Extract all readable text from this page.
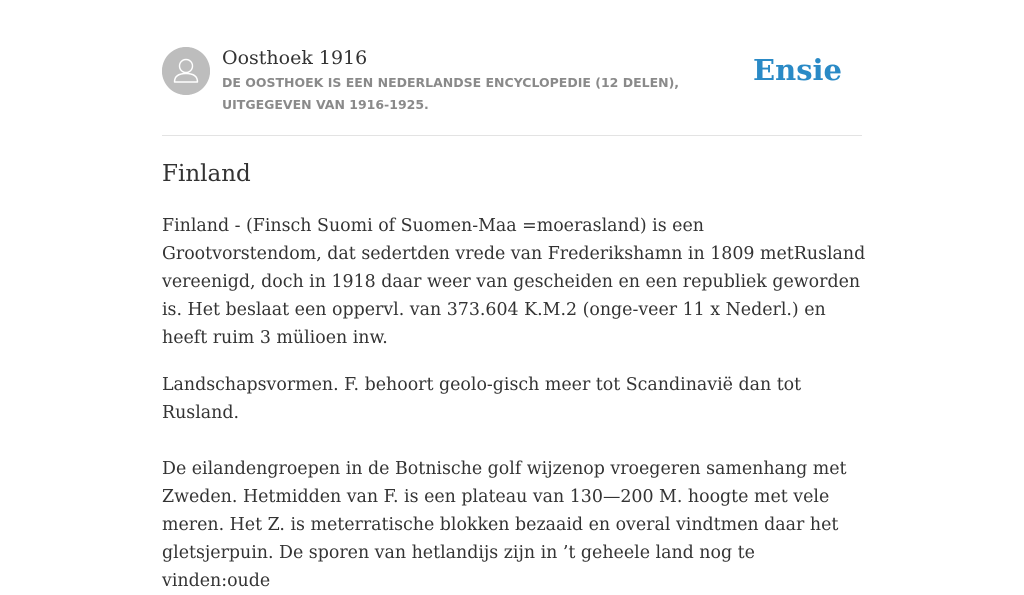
Oosthoek 1916
DE OOSTHOEK IS EEN NEDERLANDSE ENCYCLOPEDIE (12 DELEN), UITGEGEVEN VAN 1916-1925.
Ensie
Finland

Finland - (Finsch Suomi of Suomen-Maa =moerasland) is een Grootvorstendom, dat sedertden vrede van Frederikshamn in 1809 metRusland vereenigd, doch in 1918 daar weer van gescheiden en een republiek geworden is. Het beslaat een oppervl. van 373.604 K.M.2 (onge-veer 11 x Nederl.) en heeft ruim 3 mülioen inw.

Landschapsvormen. F. behoort geolo-gisch meer tot Scandinavië dan tot Rusland.

De eilandengroepen in de Botnische golf wijzenop vroegeren samenhang met Zweden. Hetmidden van F. is een plateau van 130—200 M. hoogte met vele meren. Het Z. is meterratische blokken bezaaid en overal vindtmen daar het gletsjerpuin. De sporen van hetlandijs zijn in ’t geheele land nog te vinden:oude
